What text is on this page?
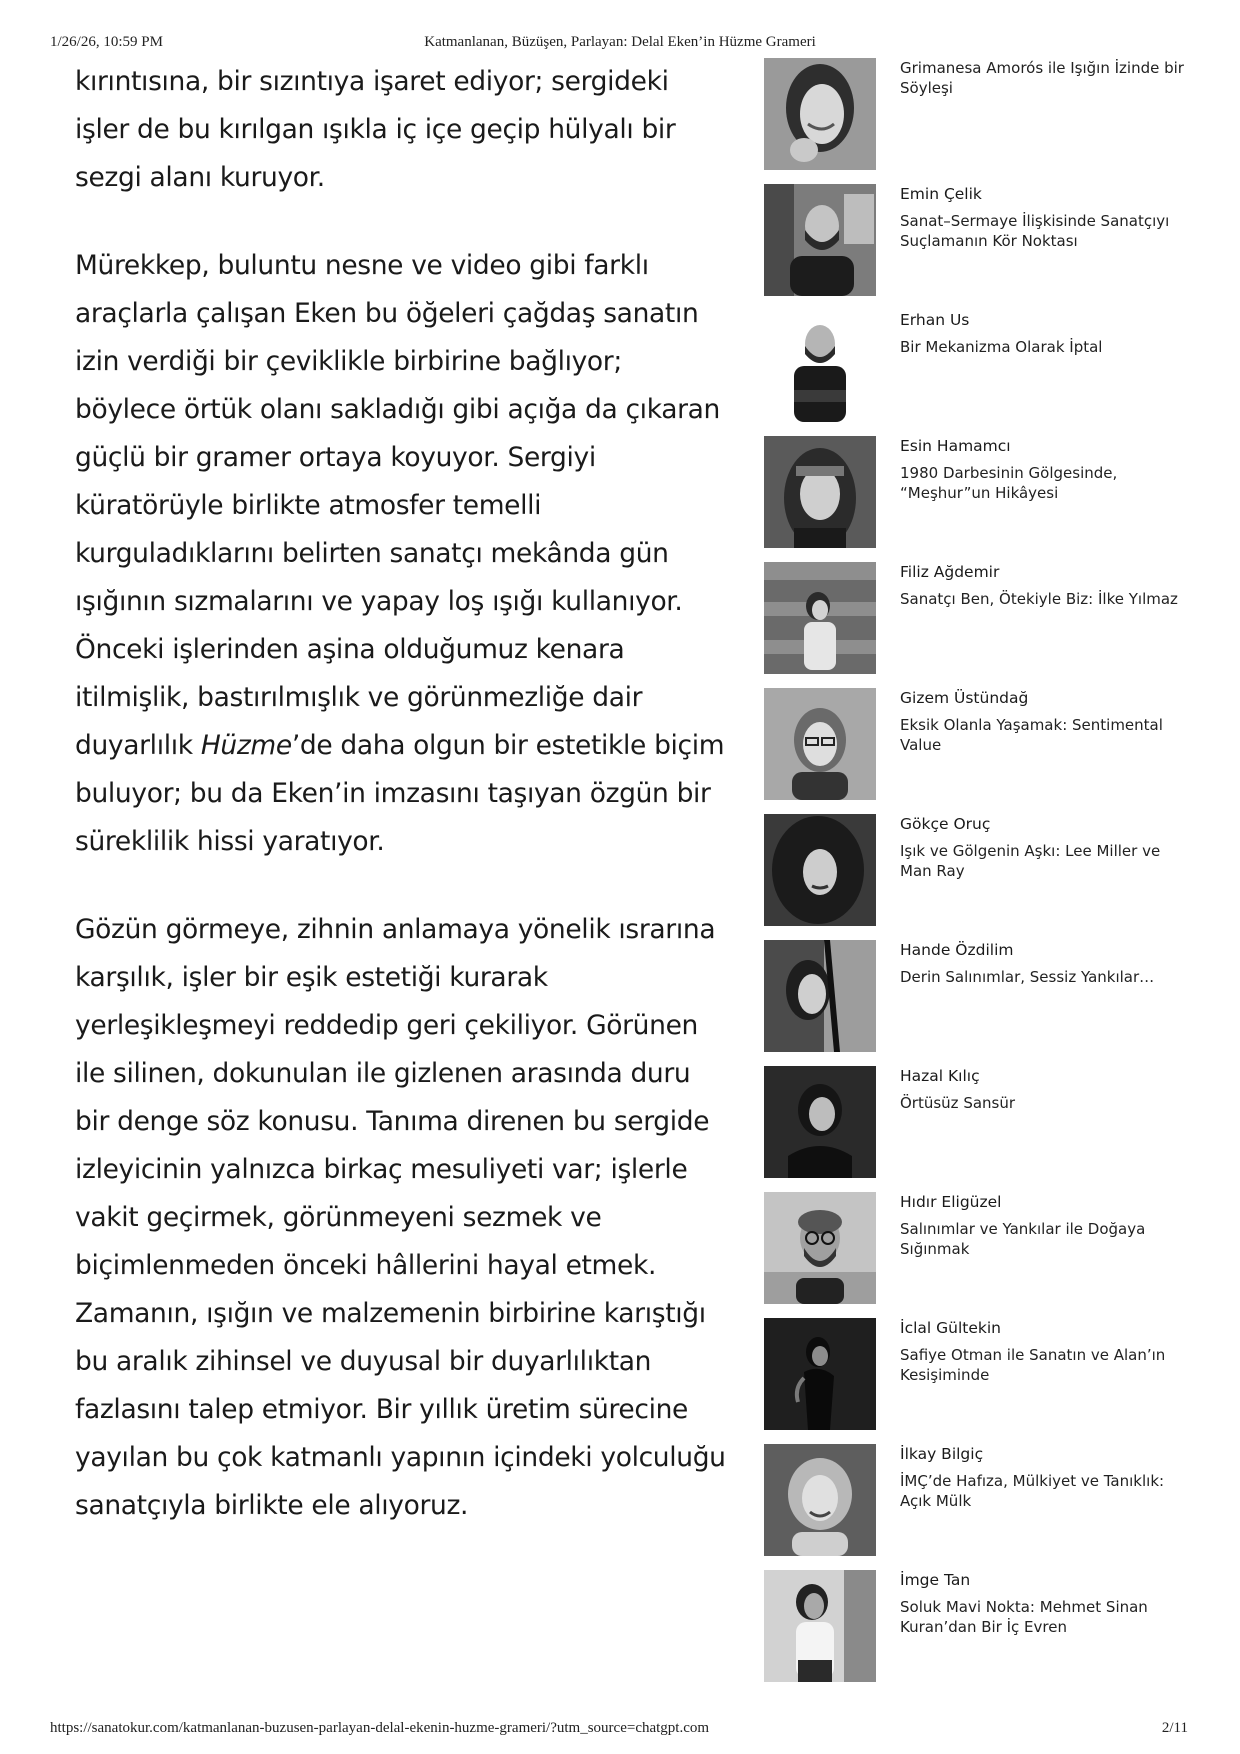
1/26/26, 10:59 PM	Katmanlanan, Büzüşen, Parlayan: Delal Eken’in Hüzme Grameri

kırıntısına, bir sızıntıya işaret ediyor; sergideki işler de bu kırılgan ışıkla iç içe geçip hülyalı bir sezgi alanı kuruyor.

Mürekkep, buluntu nesne ve video gibi farklı araçlarla çalışan Eken bu öğeleri çağdaş sanatın izin verdiği bir çeviklikle birbirine bağlıyor; böylece örtük olanı sakladığı gibi açığa da çıkaran güçlü bir gramer ortaya koyuyor. Sergiyi küratörüyle birlikte atmosfer temelli kurguladıklarını belirten sanatçı mekânda gün ışığının sızmalarını ve yapay loş ışığı kullanıyor. Önceki işlerinden aşina olduğumuz kenara itilmişlik, bastırılmışlık ve görünmezliğe dair duyarlılık Hüzme’de daha olgun bir estetikle biçim buluyor; bu da Eken’in imzasını taşıyan özgün bir süreklilik hissi yaratıyor.

Gözün görmeye, zihnin anlamaya yönelik ısrarına karşılık, işler bir eşik estetiği kurarak yerleşikleşmeyi reddedip geri çekiliyor. Görünen ile silinen, dokunulan ile gizlenen arasında duru bir denge söz konusu. Tanıma direnen bu sergide izleyicinin yalnızca birkaç mesuliyeti var; işlerle vakit geçirmek, görünmeyeni sezmek ve biçimlenmeden önceki hâllerini hayal etmek. Zamanın, ışığın ve malzemenin birbirine karıştığı bu aralık zihinsel ve duyusal bir duyarlılıktan fazlasını talep etmiyor. Bir yıllık üretim sürecine yayılan bu çok katmanlı yapının içindeki yolculuğu sanatçıyla birlikte ele alıyoruz.

Grimanesa Amorós ile Işığın İzinde bir Söyleşi
Emin Çelik
Sanat–Sermaye İlişkisinde Sanatçıyı Suçlamanın Kör Noktası
Erhan Us
Bir Mekanizma Olarak İptal
Esin Hamamcı
1980 Darbesinin Gölgesinde, “Meşhur”un Hikâyesi
Filiz Ağdemir
Sanatçı Ben, Ötekiyle Biz: İlke Yılmaz
Gizem Üstündağ
Eksik Olanla Yaşamak: Sentimental Value
Gökçe Oruç
Işık ve Gölgenin Aşkı: Lee Miller ve Man Ray
Hande Özdilim
Derin Salınımlar, Sessiz Yankılar…
Hazal Kılıç
Örtüsüz Sansür
Hıdır Eligüzel
Salınımlar ve Yankılar ile Doğaya Sığınmak
İclal Gültekin
Safiye Otman ile Sanatın ve Alan’ın Kesişiminde
İlkay Bilgiç
İMÇ’de Hafıza, Mülkiyet ve Tanıklık: Açık Mülk
İmge Tan
Soluk Mavi Nokta: Mehmet Sinan Kuran’dan Bir İç Evren
https://sanatokur.com/katmanlanan-buzusen-parlayan-delal-ekenin-huzme-grameri/?utm_source=chatgpt.com	2/11
